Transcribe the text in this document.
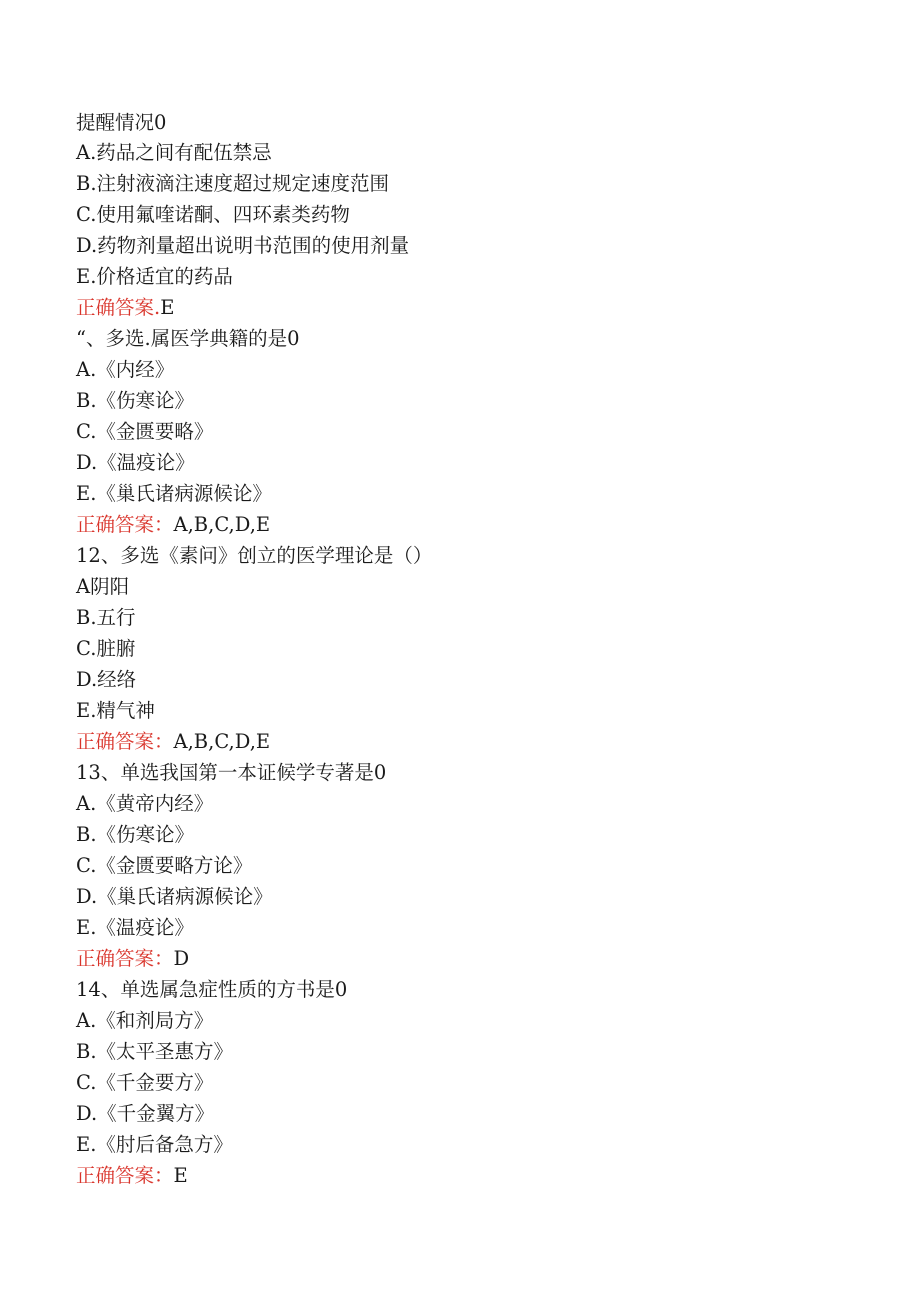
提醒情况0
A.药品之间有配伍禁忌
B.注射液滴注速度超过规定速度范围
C.使用氟喹诺酮、四环素类药物
D.药物剂量超出说明书范围的使用剂量
E.价格适宜的药品
正确答案.E
“、多选.属医学典籍的是0
A.《内经》
B.《伤寒论》
C.《金匮要略》
D.《温疫论》
E.《巢氏诸病源候论》
正确答案：A,B,C,D,E
12、多选《素问》创立的医学理论是（）
A阴阳
B.五行
C.脏腑
D.经络
E.精气神
正确答案：A,B,C,D,E
13、单选我国第一本证候学专著是0
A.《黄帝内经》
B.《伤寒论》
C.《金匮要略方论》
D.《巢氏诸病源候论》
E.《温疫论》
正确答案：D
14、单选属急症性质的方书是0
A.《和剂局方》
B.《太平圣惠方》
C.《千金要方》
D.《千金翼方》
E.《肘后备急方》
正确答案：E
